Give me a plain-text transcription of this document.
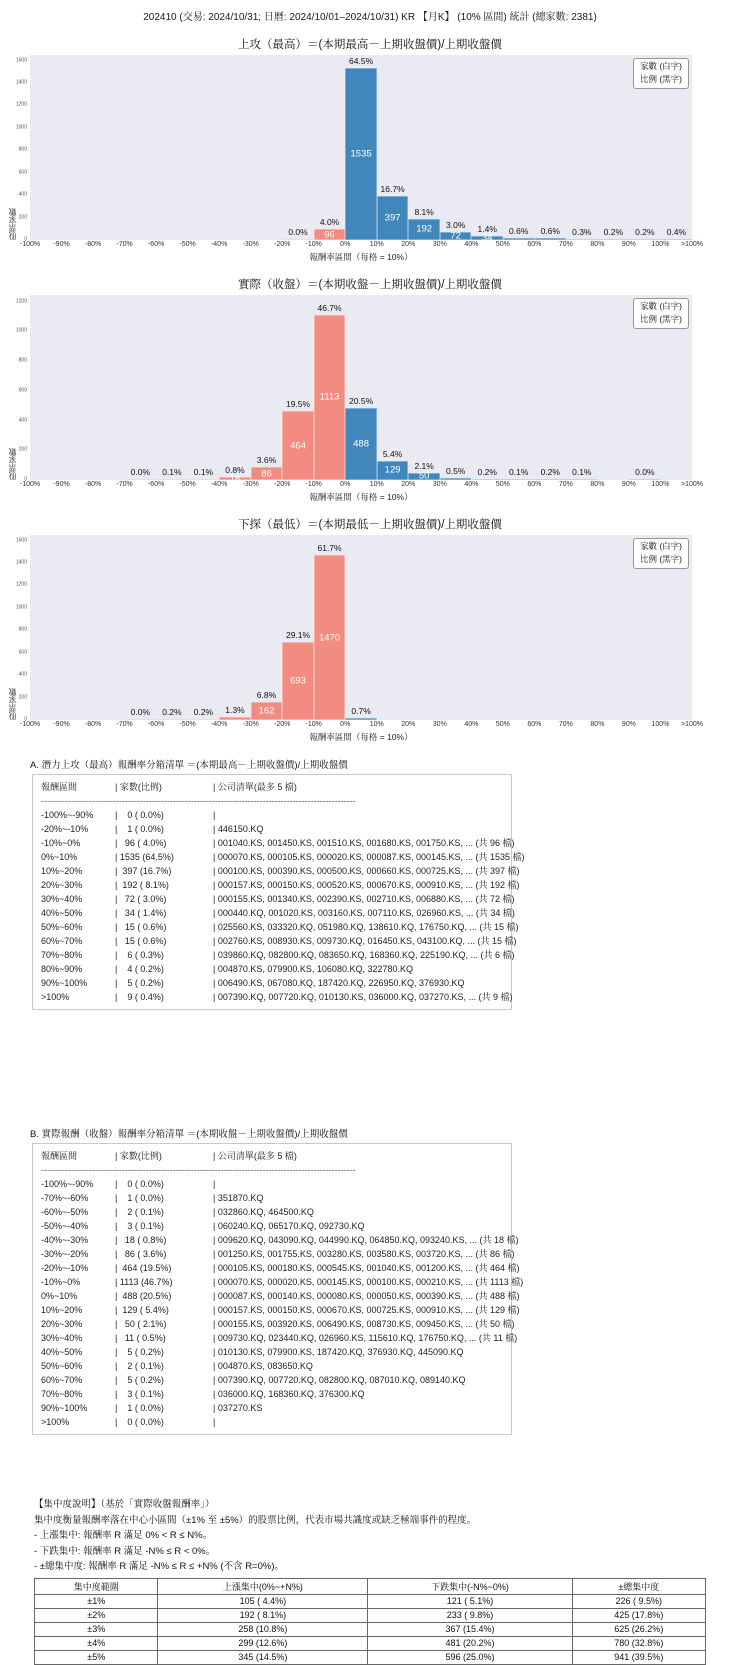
202410 (交易: 2024/10/31; 日曆: 2024/10/01–2024/10/31) KR 【月K】 (10% 區間) 統計 (總家數: 2381)
上攻（最高）＝(本期最高－上期收盤價)/上期收盤價
股票家數
家數 (白字)
比例 (黑字)
0
200
400
600
800
1000
1200
1400
1600
0.0% 96
4.0%
1535
64.5%
397
16.7%
192
8.1%
72
3.0%
34
1.4% 0.6% 0.6% 0.3% 0.2% 0.2% 0.4%
-100% -90% -80% -70% -60% -50% -40% -30% -20% -10%	0%	10%	20%	30%	40%	50%	60%	70%	80%	90% 100% >100%
報酬率區間（每格 = 10%）
實際（收盤）＝(本期收盤－上期收盤價)/上期收盤價
股票家數
家數 (白字)
比例 (黑字)
0
200
400
600
800
1000
1200
0.0% 0.1% 0.1%
18
0.8% 86
3.6%
464
19.5%
1113
46.7%
488
20.5%
129
5.4%
50
2.1%
0.5% 0.2% 0.1% 0.2% 0.1%	0.0%
-100% -90% -80% -70% -60% -50% -40% -30% -20% -10%	0%	10%	20%	30%	40%	50%	60%	70%	80%	90% 100% >100%
報酬率區間（每格 = 10%）
下探（最低）＝(本期最低－上期收盤價)/上期收盤價
股票家數
家數 (白字)
比例 (黑字)
0
200
400
600
800
1000
1200
1400
1600
0.0% 0.2% 0.2% 1.3% 162
6.8%
693
29.1% 1470
61.7%
0.7%
-100% -90% -80% -70% -60% -50% -40% -30% -20% -10%	0%	10%	20%	30%	40%	50%	60%	70%	80%	90% 100% >100%
報酬率區間（每格 = 10%）
A. 潛力上攻（最高）報酬率分箱清單 ＝(本期最高－上期收盤價)/上期收盤價
報酬區間	| 家數(比例)	| 公司清單(最多 5 檔)
---------------------------------------------------------------------------------------------------------
-100%~-90%	|    0 ( 0.0%)	|
-20%~-10%	|    1 ( 0.0%)	| 446150.KQ
-10%~0%	|   96 ( 4.0%)	| 001040.KS, 001450.KS, 001510.KS, 001680.KS, 001750.KS, ... (共 96 檔)
0%~10%	| 1535 (64.5%)	| 000070.KS, 000105.KS, 000020.KS, 000087.KS, 000145.KS, ... (共 1535 檔)
10%~20%	|  397 (16.7%)	| 000100.KS, 000390.KS, 000500.KS, 000660.KS, 000725.KS, ... (共 397 檔)
20%~30%	|  192 ( 8.1%)	| 000157.KS, 000150.KS, 000520.KS, 000670.KS, 000910.KS, ... (共 192 檔)
30%~40%	|   72 ( 3.0%)	| 000155.KS, 001340.KS, 002390.KS, 002710.KS, 006880.KS, ... (共 72 檔)
40%~50%	|   34 ( 1.4%)	| 000440.KQ, 001020.KS, 003160.KS, 007110.KS, 026960.KS, ... (共 34 檔)
50%~60%	|   15 ( 0.6%)	| 025560.KS, 033320.KQ, 051980.KQ, 138610.KQ, 176750.KQ, ... (共 15 檔)
60%~70%	|   15 ( 0.6%)	| 002760.KS, 008930.KS, 009730.KQ, 016450.KS, 043100.KQ, ... (共 15 檔)
70%~80%	|    6 ( 0.3%)	| 039860.KQ, 082800.KQ, 083650.KQ, 168360.KQ, 225190.KQ, ... (共 6 檔)
80%~90%	|    4 ( 0.2%)	| 004870.KS, 079900.KS, 106080.KQ, 322780.KQ
90%~100%	|    5 ( 0.2%)	| 006490.KS, 067080.KQ, 187420.KQ, 226950.KQ, 376930.KQ
>100%	|    9 ( 0.4%)	| 007390.KQ, 007720.KQ, 010130.KS, 036000.KQ, 037270.KS, ... (共 9 檔)
B. 實際報酬（收盤）報酬率分箱清單 ＝(本期收盤－上期收盤價)/上期收盤價
報酬區間	| 家數(比例)	| 公司清單(最多 5 檔)
---------------------------------------------------------------------------------------------------------
-100%~-90%	|    0 ( 0.0%)	|
-70%~-60%	|    1 ( 0.0%)	| 351870.KQ
-60%~-50%	|    2 ( 0.1%)	| 032860.KQ, 464500.KQ
-50%~-40%	|    3 ( 0.1%)	| 060240.KQ, 065170.KQ, 092730.KQ
-40%~-30%	|   18 ( 0.8%)	| 009620.KQ, 043090.KQ, 044990.KQ, 064850.KQ, 093240.KS, ... (共 18 檔)
-30%~-20%	|   86 ( 3.6%)	| 001250.KS, 001755.KS, 003280.KS, 003580.KS, 003720.KS, ... (共 86 檔)
-20%~-10%	|  464 (19.5%)	| 000105.KS, 000180.KS, 000545.KS, 001040.KS, 001200.KS, ... (共 464 檔)
-10%~0%	| 1113 (46.7%)	| 000070.KS, 000020.KS, 000145.KS, 000100.KS, 000210.KS, ... (共 1113 檔)
0%~10%	|  488 (20.5%)	| 000087.KS, 000140.KS, 000080.KS, 000050.KS, 000390.KS, ... (共 488 檔)
10%~20%	|  129 ( 5.4%)	| 000157.KS, 000150.KS, 000670.KS, 000725.KS, 000910.KS, ... (共 129 檔)
20%~30%	|   50 ( 2.1%)	| 000155.KS, 003920.KS, 006490.KS, 008730.KS, 009450.KS, ... (共 50 檔)
30%~40%	|   11 ( 0.5%)	| 009730.KQ, 023440.KQ, 026960.KS, 115610.KQ, 176750.KQ, ... (共 11 檔)
40%~50%	|    5 ( 0.2%)	| 010130.KS, 079900.KS, 187420.KQ, 376930.KQ, 445090.KQ
50%~60%	|    2 ( 0.1%)	| 004870.KS, 083650.KQ
60%~70%	|    5 ( 0.2%)	| 007390.KQ, 007720.KQ, 082800.KQ, 087010.KQ, 089140.KQ
70%~80%	|    3 ( 0.1%)	| 036000.KQ, 168360.KQ, 376300.KQ
90%~100%	|    1 ( 0.0%)	| 037270.KS
>100%	|    0 ( 0.0%)	|
【集中度說明】（基於「實際收盤報酬率」）
集中度衡量報酬率落在中心小區間（±1% 至 ±5%）的股票比例，代表市場共識度或缺乏極端事件的程度。
- 上漲集中: 報酬率 R 滿足 0% < R ≤ N%。
- 下跌集中: 報酬率 R 滿足 -N% ≤ R < 0%。
- ±總集中度: 報酬率 R 滿足 -N% ≤ R ≤ +N% (不含 R=0%)。
集中度範圍	上漲集中(0%~+N%)	下跌集中(-N%~0%)	±總集中度
±1%	105 ( 4.4%)	121 ( 5.1%)	226 ( 9.5%)
±2%	192 ( 8.1%)	233 ( 9.8%)	425 (17.8%)
±3%	258 (10.8%)	367 (15.4%)	625 (26.2%)
±4%	299 (12.6%)	481 (20.2%)	780 (32.8%)
±5%	345 (14.5%)	596 (25.0%)	941 (39.5%)
